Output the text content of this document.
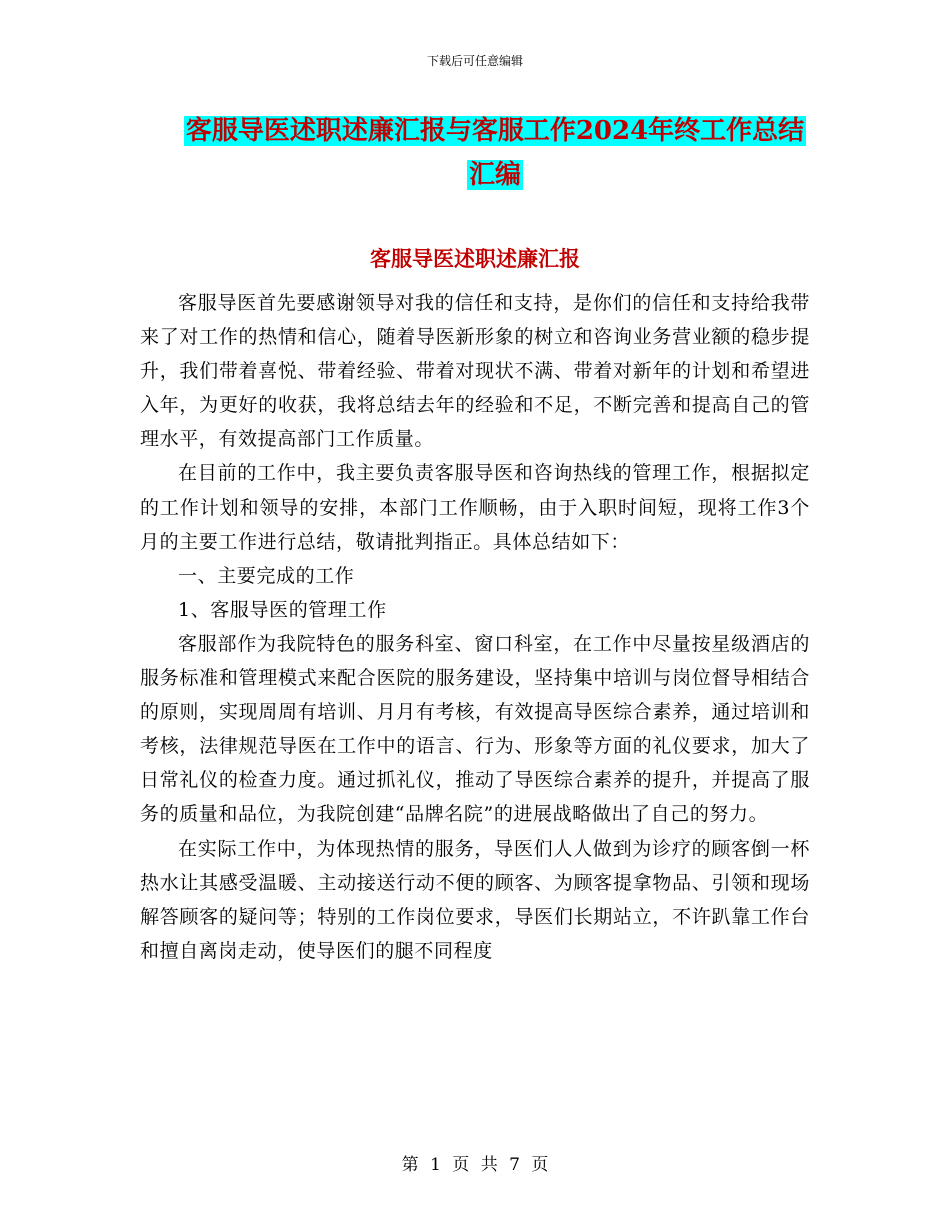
下载后可任意编辑
客服导医述职述廉汇报与客服工作2024年终工作总结
汇编
客服导医述职述廉汇报

客服导医首先要感谢领导对我的信任和支持，是你们的信任和支持给我带来了对工作的热情和信心，随着导医新形象的树立和咨询业务营业额的稳步提升，我们带着喜悦、带着经验、带着对现状不满、带着对新年的计划和希望进入年，为更好的收获，我将总结去年的经验和不足，不断完善和提高自己的管理水平，有效提高部门工作质量。

在目前的工作中，我主要负责客服导医和咨询热线的管理工作，根据拟定的工作计划和领导的安排，本部门工作顺畅，由于入职时间短，现将工作3个月的主要工作进行总结，敬请批判指正。具体总结如下：

一、主要完成的工作

1、客服导医的管理工作

客服部作为我院特色的服务科室、窗口科室，在工作中尽量按星级酒店的服务标准和管理模式来配合医院的服务建设，坚持集中培训与岗位督导相结合的原则，实现周周有培训、月月有考核，有效提高导医综合素养，通过培训和考核，法律规范导医在工作中的语言、行为、形象等方面的礼仪要求，加大了日常礼仪的检查力度。通过抓礼仪，推动了导医综合素养的提升，并提高了服务的质量和品位，为我院创建“品牌名院”的进展战略做出了自己的努力。

在实际工作中，为体现热情的服务，导医们人人做到为诊疗的顾客倒一杯热水让其感受温暖、主动接送行动不便的顾客、为顾客提拿物品、引领和现场解答顾客的疑问等；特别的工作岗位要求，导医们长期站立，不许趴靠工作台和擅自离岗走动，使导医们的腿不同程度

第 1 页 共 7 页
